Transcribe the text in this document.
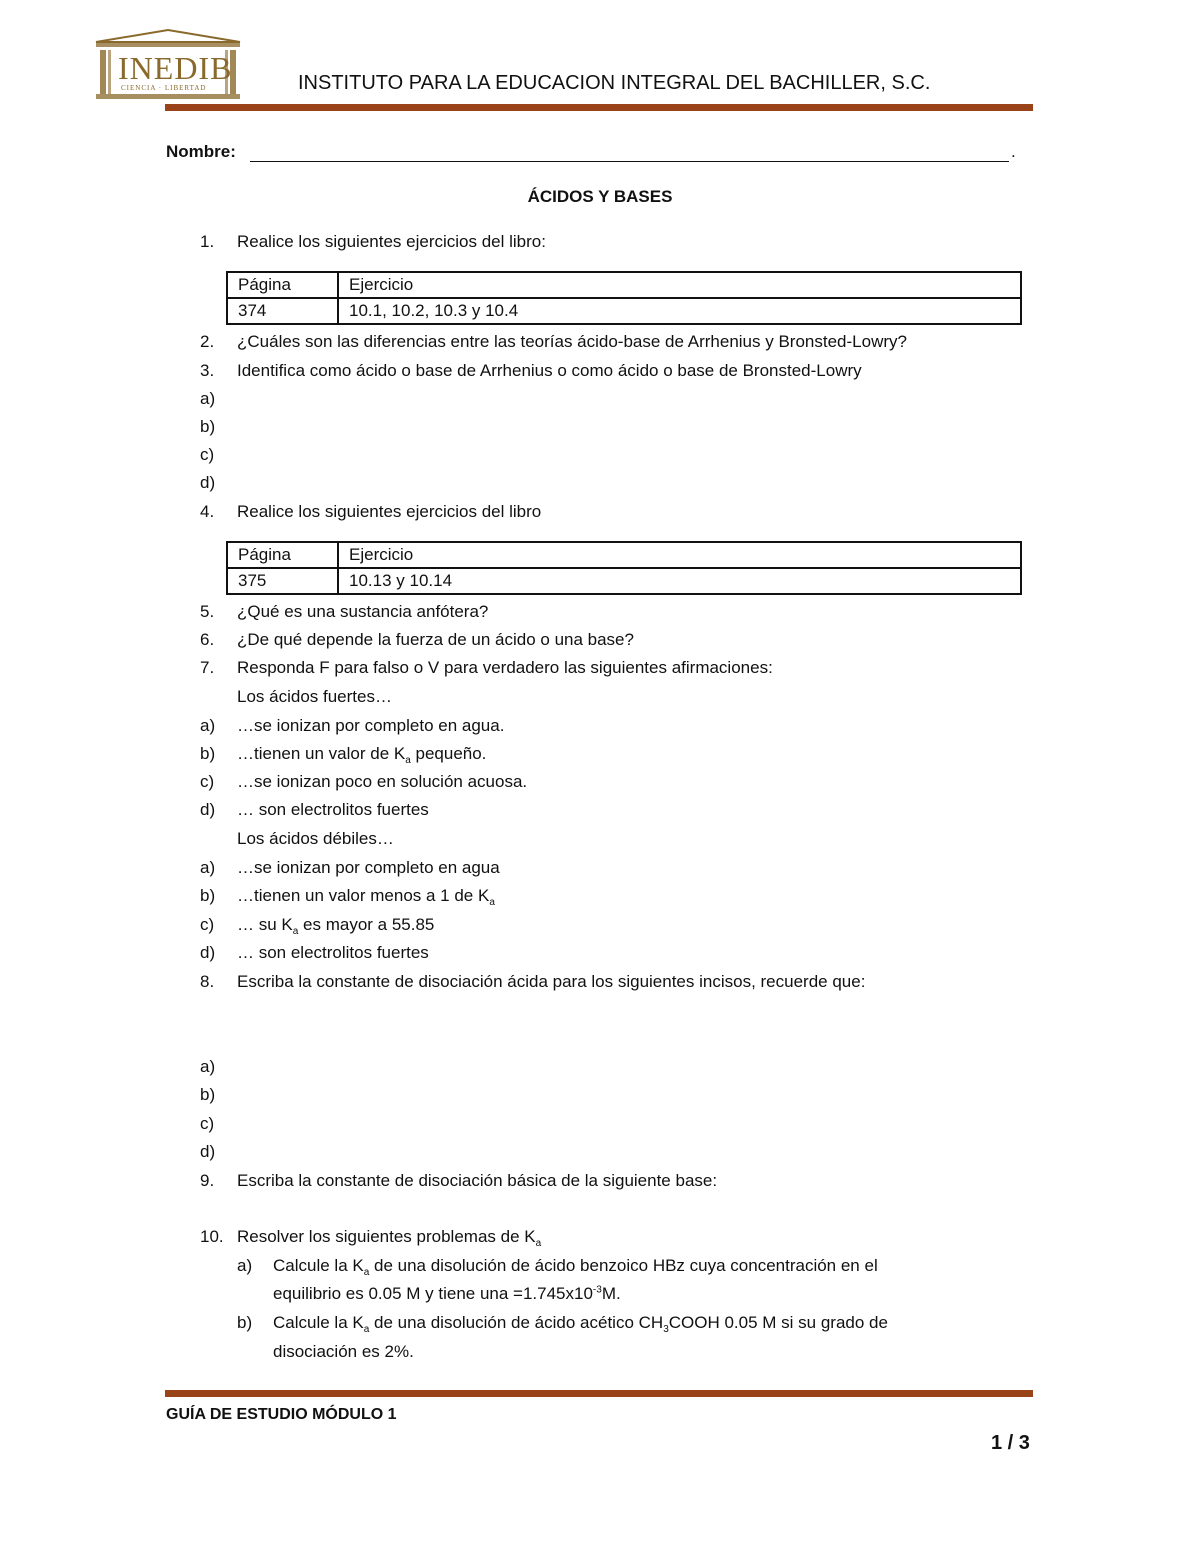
INEDIB
CIENCIA · LIBERTAD	INSTITUTO PARA LA EDUCACION INTEGRAL DEL BACHILLER, S.C.
Nombre:	.
ÁCIDOS Y BASES
1. Realice los siguientes ejercicios del libro:
Página	Ejercicio
374	10.1, 10.2, 10.3 y 10.4
2. ¿Cuáles son las diferencias entre las teorías ácido-base de Arrhenius y Bronsted-Lowry?
3. Identifica como ácido o base de Arrhenius o como ácido o base de Bronsted-Lowry
a)
b)
c)
d)
4. Realice los siguientes ejercicios del libro
Página	Ejercicio
375	10.13 y 10.14
5. ¿Qué es una sustancia anfótera?
6. ¿De qué depende la fuerza de un ácido o una base?
7. Responda F para falso o V para verdadero las siguientes afirmaciones:
Los ácidos fuertes…
a) …se ionizan por completo en agua.
b) …tienen un valor de $K_a$ pequeño.
c) …se ionizan poco en solución acuosa.
d) … son electrolitos fuertes
Los ácidos débiles…
a) …se ionizan por completo en agua
b) …tienen un valor menos a 1 de $K_a$
c) … su $K_a$ es mayor a 55.85
d) … son electrolitos fuertes
8. Escriba la constante de disociación ácida para los siguientes incisos, recuerde que:
a)
b)
c)
d)
9. Escriba la constante de disociación básica de la siguiente base:
10. Resolver los siguientes problemas de $K_a$
a) Calcule la $K_a$ de una disolución de ácido benzoico HBz cuya concentración en el
equilibrio es 0.05 M y tiene una $=1.745x10^{-3}M$.
b) Calcule la $K_a$ de una disolución de ácido acético $CH_3COOH$ 0.05 M si su grado de
disociación es 2%.
GUÍA DE ESTUDIO MÓDULO 1
1 / 3
